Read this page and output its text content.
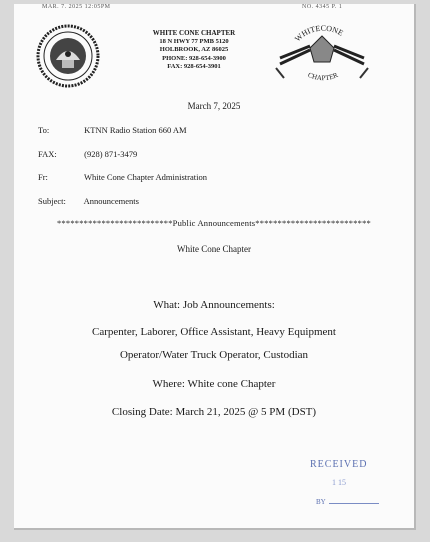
MAR. 7. 2025 12:05PM	NO. 4345 P. 1
WHITE CONE CHAPTER
18 N HWY 77 PMB 5120
HOLBROOK, AZ 86025
PHONE: 928-654-3900
FAX: 928-654-3901
WHITECONE
CHAPTER
March 7, 2025
To:	KTNN Radio Station 660 AM
FAX:	(928) 871-3479
Fr:	White Cone Chapter Administration
Subject: Announcements
**************************Public Announcements**************************
White Cone Chapter
What: Job Announcements:
Carpenter, Laborer, Office Assistant, Heavy Equipment
Operator/Water Truck Operator, Custodian
Where: White cone Chapter
Closing Date: March 21, 2025 @ 5 PM (DST)
RECEIVED
1 15
BY
